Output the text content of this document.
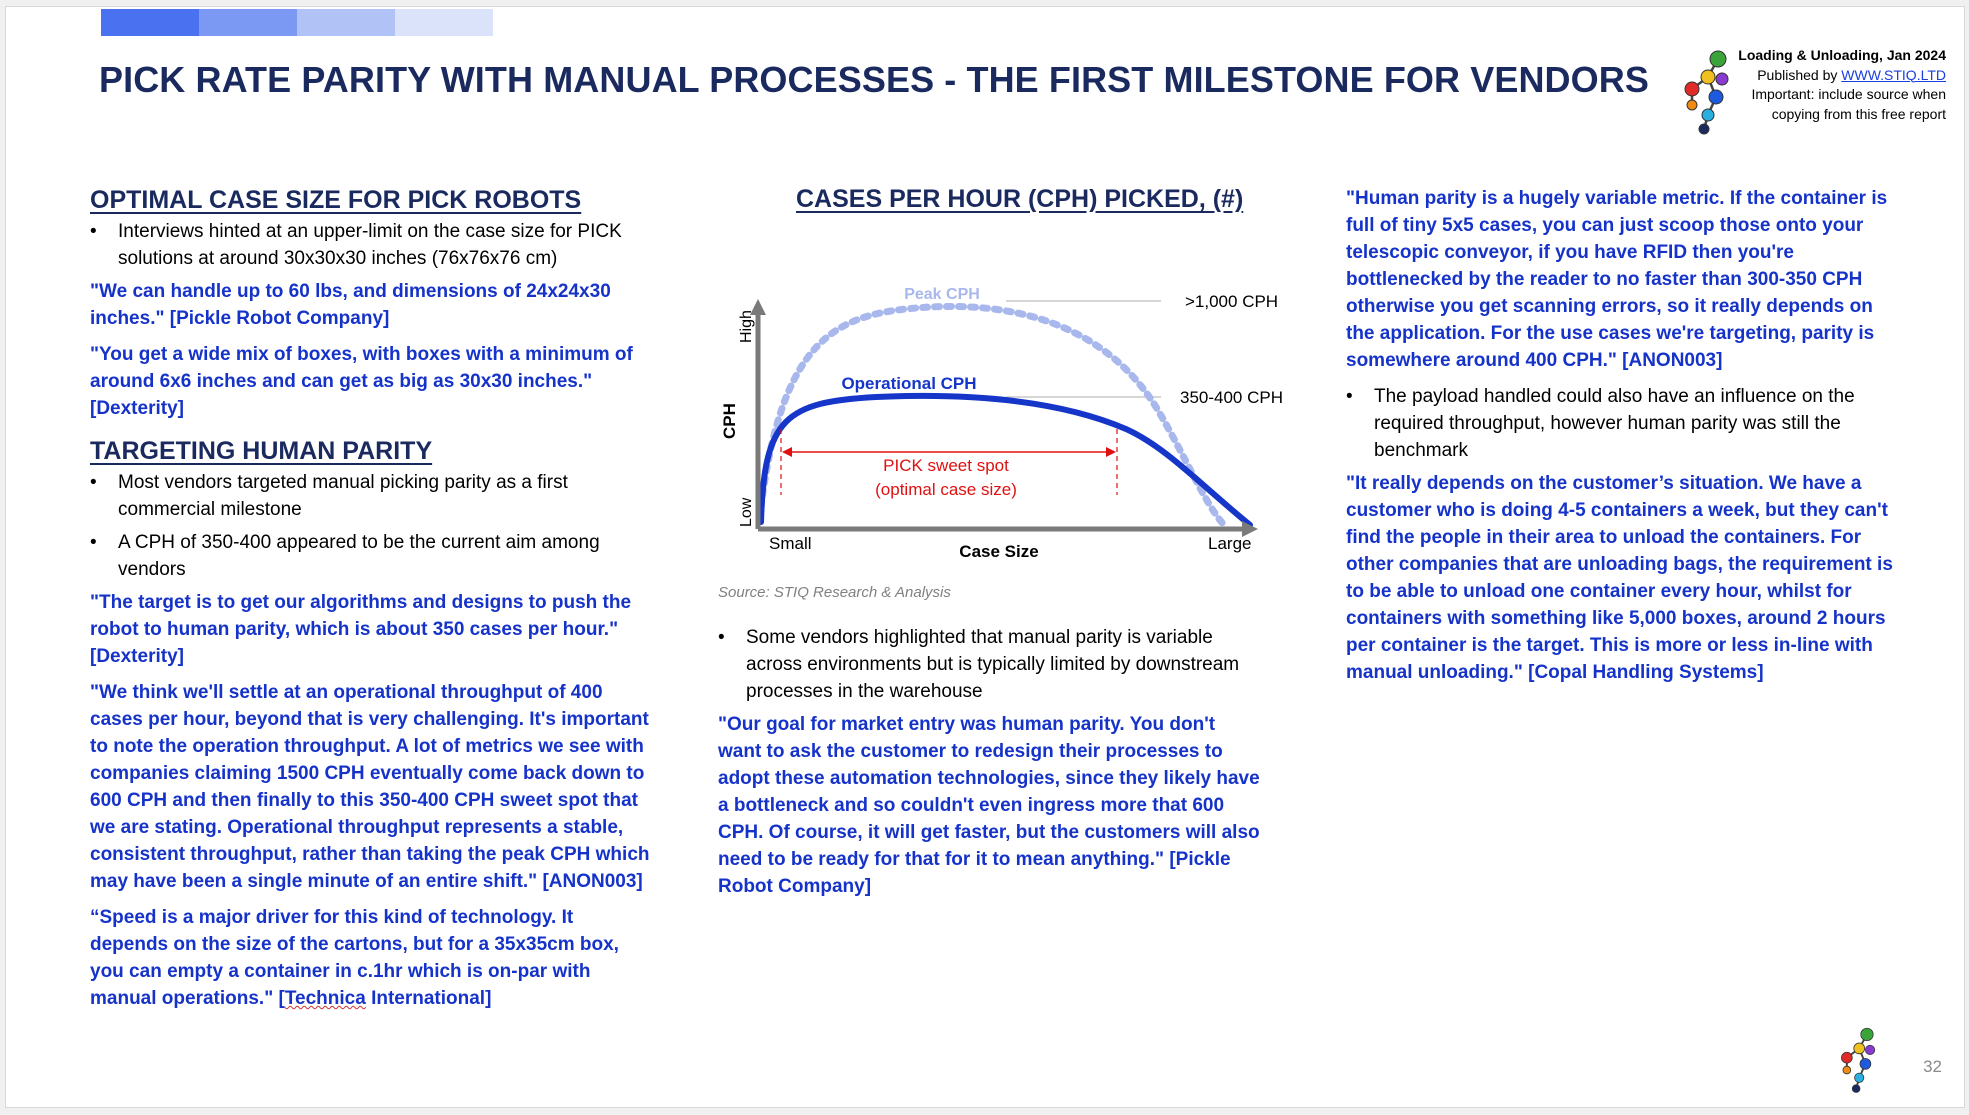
PICK RATE PARITY WITH MANUAL PROCESSES - THE FIRST MILESTONE FOR VENDORS
Loading & Unloading, Jan 2024
Published by WWW.STIQ.LTD
Important: include source when
copying from this free report
OPTIMAL CASE SIZE FOR PICK ROBOTS
• Interviews hinted at an upper-limit on the case size for PICK solutions at around 30x30x30 inches (76x76x76 cm)
"We can handle up to 60 lbs, and dimensions of 24x24x30 inches." [Pickle Robot Company]
"You get a wide mix of boxes, with boxes with a minimum of around 6x6 inches and can get as big as 30x30 inches." [Dexterity]
TARGETING HUMAN PARITY
• Most vendors targeted manual picking parity as a first commercial milestone
• A CPH of 350-400 appeared to be the current aim among vendors
"The target is to get our algorithms and designs to push the robot to human parity, which is about 350 cases per hour." [Dexterity]
"We think we'll settle at an operational throughput of 400 cases per hour, beyond that is very challenging. It's important to note the operation throughput. A lot of metrics we see with companies claiming 1500 CPH eventually come back down to 600 CPH and then finally to this 350-400 CPH sweet spot that we are stating. Operational throughput represents a stable, consistent throughput, rather than taking the peak CPH which may have been a single minute of an entire shift." [ANON003]
“Speed is a major driver for this kind of technology. It depends on the size of the cartons, but for a 35x35cm box, you can empty a container in c.1hr which is on-par with manual operations." [Technica International]
CASES PER HOUR (CPH) PICKED, (#)
PICK sweet spot
(optimal case size)
Peak CPH
Operational CPH
>1,000 CPH
350-400 CPH
High
Low
CPH
Small	Large
Case Size
Source: STIQ Research & Analysis
• Some vendors highlighted that manual parity is variable across environments but is typically limited by downstream processes in the warehouse
"Our goal for market entry was human parity. You don't want to ask the customer to redesign their processes to adopt these automation technologies, since they likely have a bottleneck and so couldn't even ingress more that 600 CPH. Of course, it will get faster, but the customers will also need to be ready for that for it to mean anything." [Pickle Robot Company]
"Human parity is a hugely variable metric. If the container is full of tiny 5x5 cases, you can just scoop those onto your telescopic conveyor, if you have RFID then you're bottlenecked by the reader to no faster than 300-350 CPH otherwise you get scanning errors, so it really depends on the application. For the use cases we're targeting, parity is somewhere around 400 CPH." [ANON003]
• The payload handled could also have an influence on the required throughput, however human parity was still the benchmark
"It really depends on the customer’s situation. We have a customer who is doing 4-5 containers a week, but they can't find the people in their area to unload the containers. For other companies that are unloading bags, the requirement is to be able to unload one container every hour, whilst for containers with something like 5,000 boxes, around 2 hours per container is the target. This is more or less in-line with manual unloading." [Copal Handling Systems]
32
